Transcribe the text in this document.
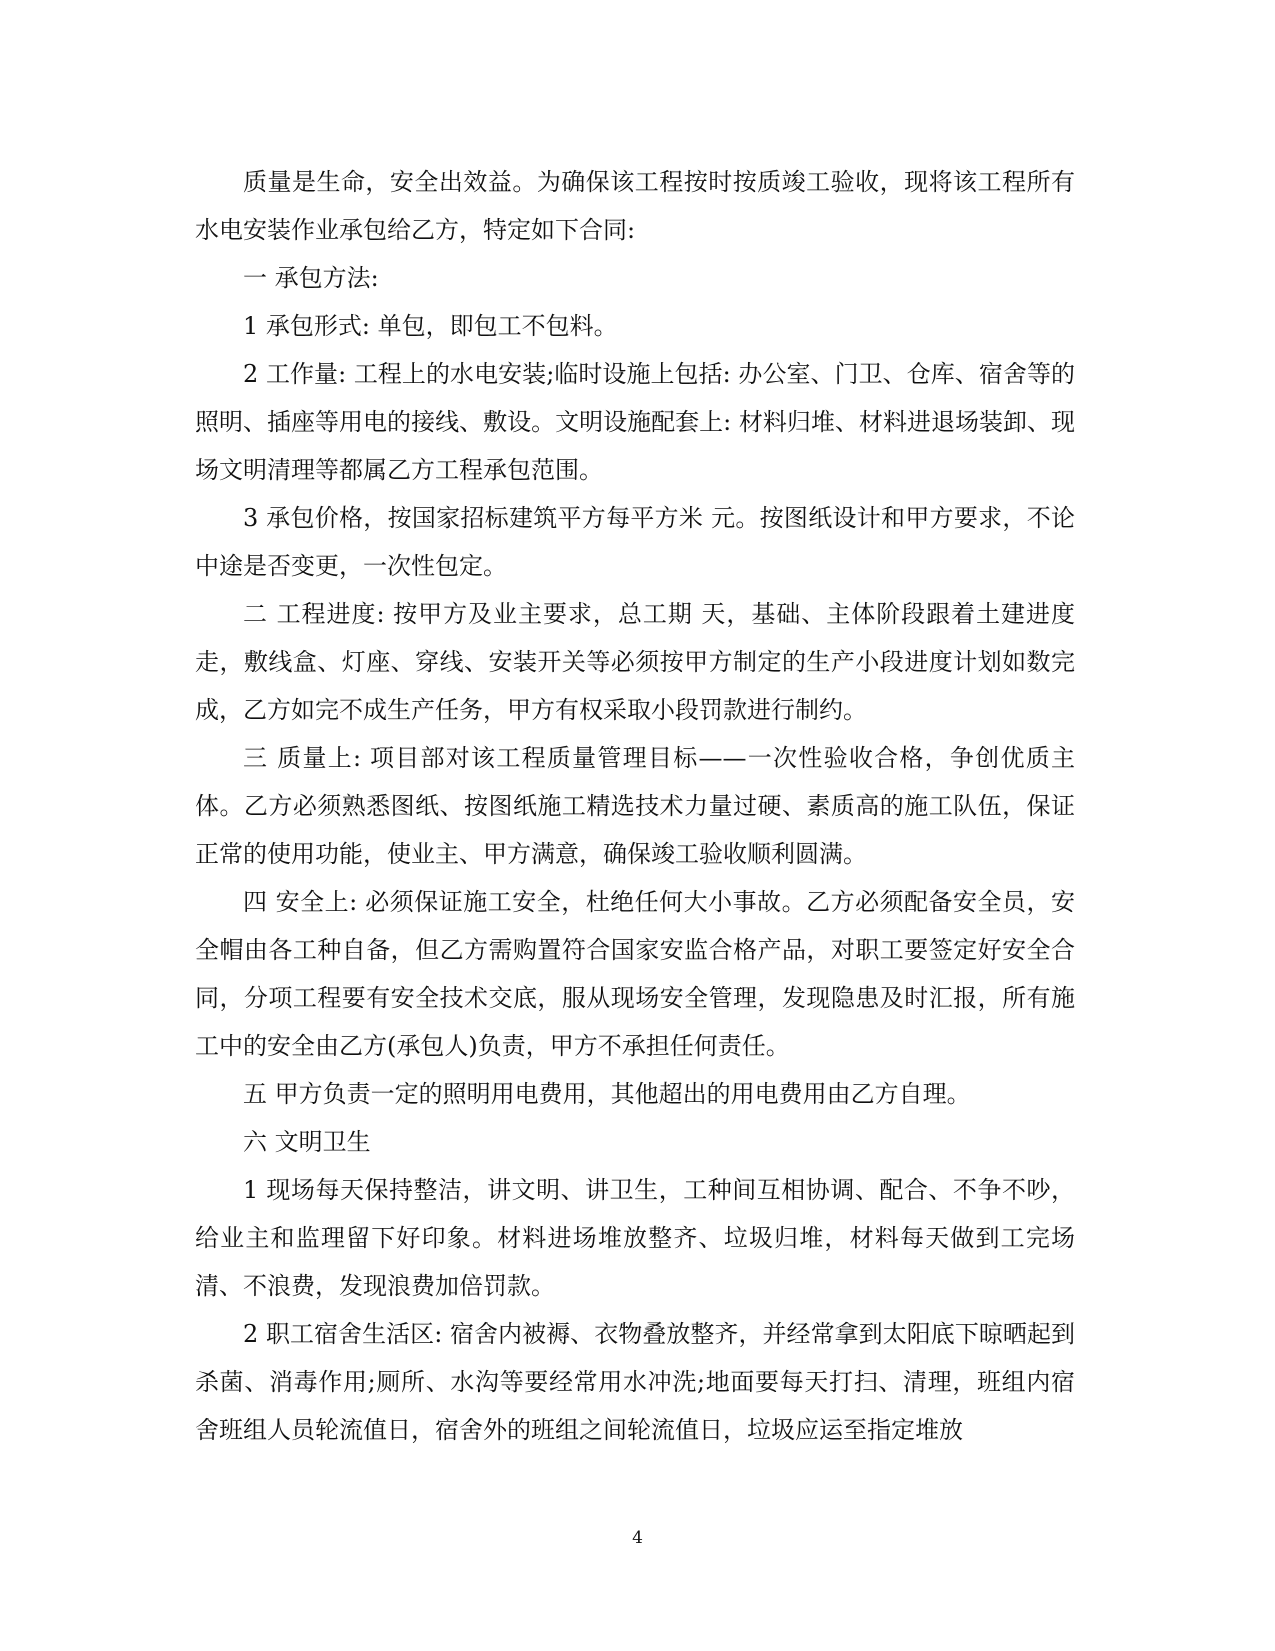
质量是生命，安全出效益。为确保该工程按时按质竣工验收，现将该工程所有水电安装作业承包给乙方，特定如下合同:

一 承包方法:

1 承包形式: 单包，即包工不包料。

2 工作量: 工程上的水电安装;临时设施上包括: 办公室、门卫、仓库、宿舍等的照明、插座等用电的接线、敷设。文明设施配套上: 材料归堆、材料进退场装卸、现场文明清理等都属乙方工程承包范围。

3 承包价格，按国家招标建筑平方每平方米 元。按图纸设计和甲方要求，不论中途是否变更，一次性包定。

二 工程进度: 按甲方及业主要求，总工期 天，基础、主体阶段跟着土建进度走，敷线盒、灯座、穿线、安装开关等必须按甲方制定的生产小段进度计划如数完成，乙方如完不成生产任务，甲方有权采取小段罚款进行制约。

三 质量上: 项目部对该工程质量管理目标——一次性验收合格，争创优质主体。乙方必须熟悉图纸、按图纸施工精选技术力量过硬、素质高的施工队伍，保证正常的使用功能，使业主、甲方满意，确保竣工验收顺利圆满。

四 安全上: 必须保证施工安全，杜绝任何大小事故。乙方必须配备安全员，安全帽由各工种自备，但乙方需购置符合国家安监合格产品，对职工要签定好安全合同，分项工程要有安全技术交底，服从现场安全管理，发现隐患及时汇报，所有施工中的安全由乙方(承包人)负责，甲方不承担任何责任。

五 甲方负责一定的照明用电费用，其他超出的用电费用由乙方自理。

六 文明卫生

1 现场每天保持整洁，讲文明、讲卫生，工种间互相协调、配合、不争不吵，给业主和监理留下好印象。材料进场堆放整齐、垃圾归堆，材料每天做到工完场清、不浪费，发现浪费加倍罚款。

2 职工宿舍生活区: 宿舍内被褥、衣物叠放整齐，并经常拿到太阳底下晾晒起到杀菌、消毒作用;厕所、水沟等要经常用水冲洗;地面要每天打扫、清理，班组内宿舍班组人员轮流值日，宿舍外的班组之间轮流值日，垃圾应运至指定堆放

4
